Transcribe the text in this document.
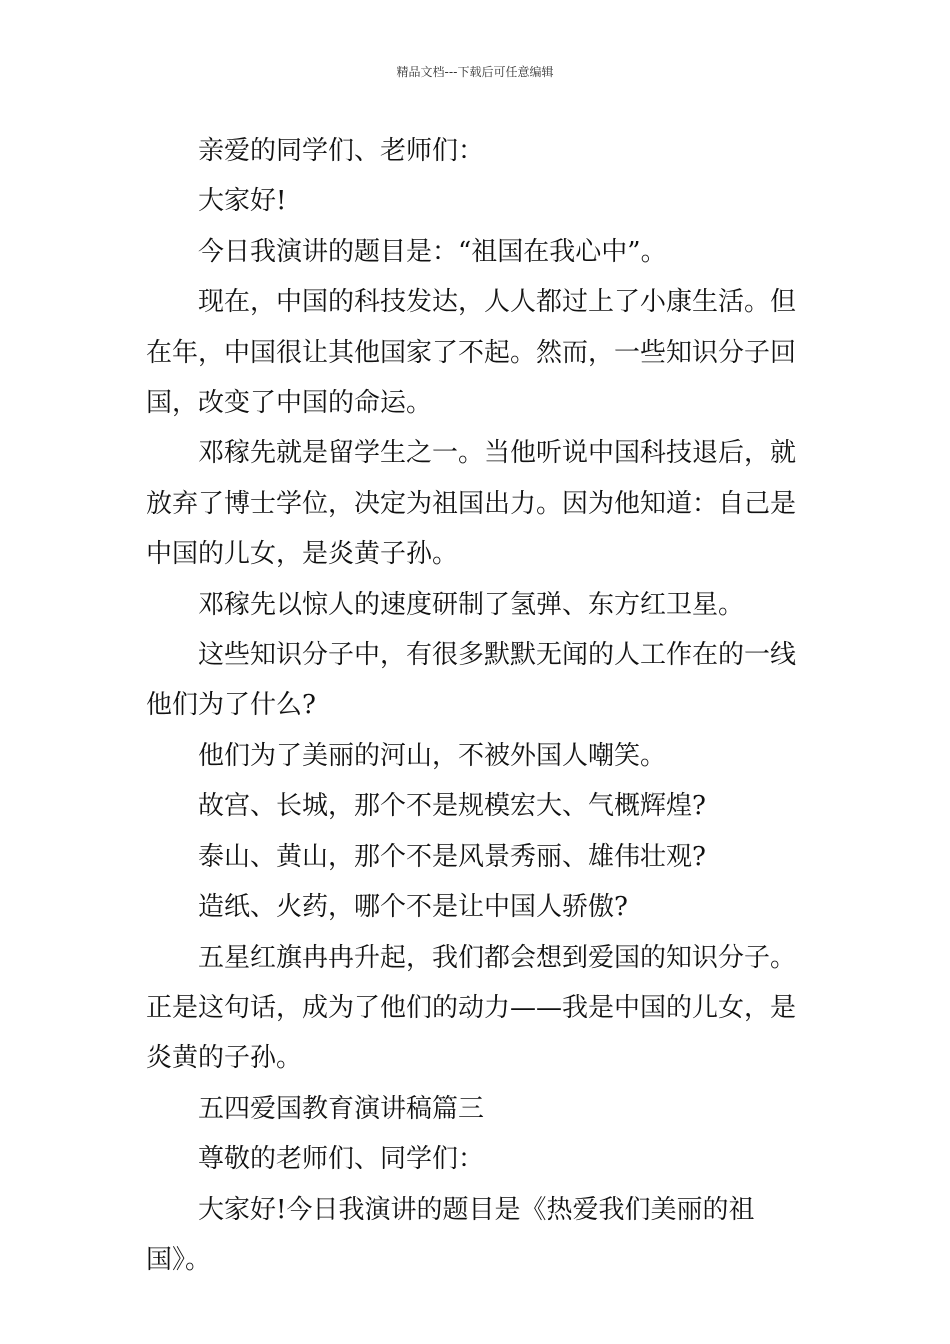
精品文档---下载后可任意编辑

亲爱的同学们、老师们：

大家好!

今日我演讲的题目是：“祖国在我心中”。

现在，中国的科技发达，人人都过上了小康生活。但在年，中国很让其他国家了不起。然而，一些知识分子回国，改变了中国的命运。

邓稼先就是留学生之一。当他听说中国科技退后，就放弃了博士学位，决定为祖国出力。因为他知道：自己是中国的儿女，是炎黄子孙。

邓稼先以惊人的速度研制了氢弹、东方红卫星。

这些知识分子中，有很多默默无闻的人工作在的一线他们为了什么?

他们为了美丽的河山，不被外国人嘲笑。

故宫、长城，那个不是规模宏大、气概辉煌?

泰山、黄山，那个不是风景秀丽、雄伟壮观?

造纸、火药，哪个不是让中国人骄傲?

五星红旗冉冉升起，我们都会想到爱国的知识分子。正是这句话，成为了他们的动力——我是中国的儿女，是炎黄的子孙。

五四爱国教育演讲稿篇三

尊敬的老师们、同学们：

大家好!今日我演讲的题目是《热爱我们美丽的祖国》。
